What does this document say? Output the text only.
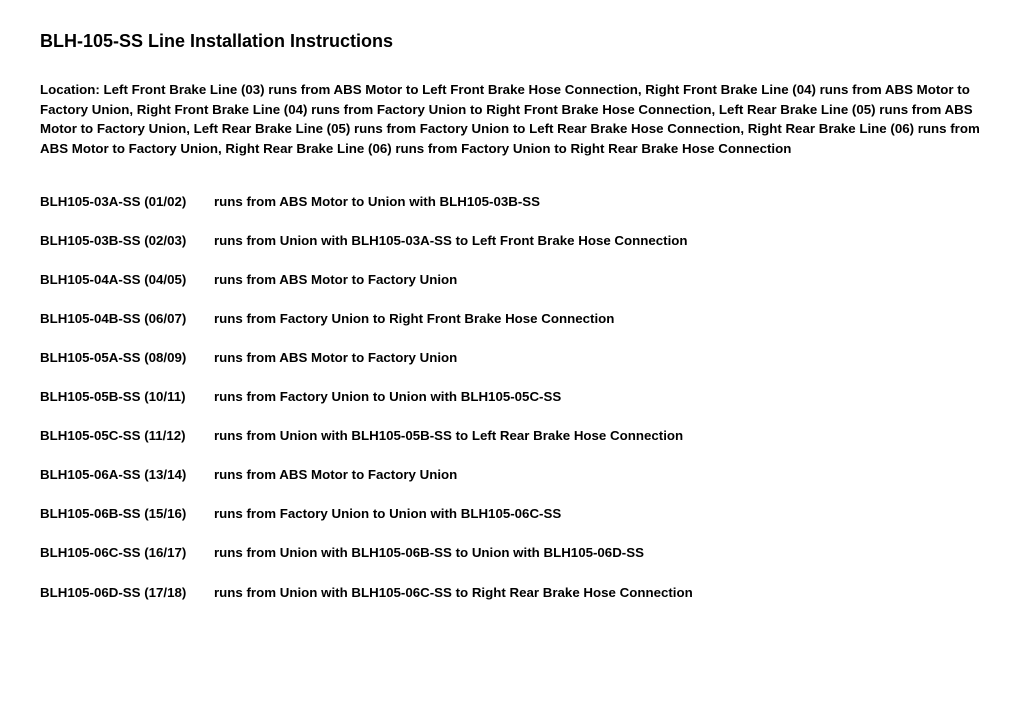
BLH-105-SS Line Installation Instructions
Location: Left Front Brake Line (03) runs from ABS Motor to Left Front Brake Hose Connection, Right Front Brake Line (04) runs from ABS Motor to Factory Union, Right Front Brake Line (04) runs from Factory Union to Right Front Brake Hose Connection, Left Rear Brake Line (05) runs from ABS Motor to Factory Union, Left Rear Brake Line (05) runs from Factory Union to Left Rear Brake Hose Connection, Right Rear Brake Line (06) runs from ABS Motor to Factory Union, Right Rear Brake Line (06) runs from Factory Union to Right Rear Brake Hose Connection
BLH105-03A-SS (01/02)	runs from ABS Motor to Union with BLH105-03B-SS
BLH105-03B-SS (02/03)	runs from Union with BLH105-03A-SS to Left Front Brake Hose Connection
BLH105-04A-SS (04/05)	runs from ABS Motor to Factory Union
BLH105-04B-SS (06/07)	runs from Factory Union to Right Front Brake Hose Connection
BLH105-05A-SS (08/09)	runs from ABS Motor to Factory Union
BLH105-05B-SS (10/11)	runs from Factory Union to Union with BLH105-05C-SS
BLH105-05C-SS (11/12)	runs from Union with BLH105-05B-SS to Left Rear Brake Hose Connection
BLH105-06A-SS (13/14)	runs from ABS Motor to Factory Union
BLH105-06B-SS (15/16)	runs from Factory Union to Union with BLH105-06C-SS
BLH105-06C-SS (16/17)	runs from Union with BLH105-06B-SS to Union with BLH105-06D-SS
BLH105-06D-SS (17/18)	runs from Union with BLH105-06C-SS to Right Rear Brake Hose Connection
